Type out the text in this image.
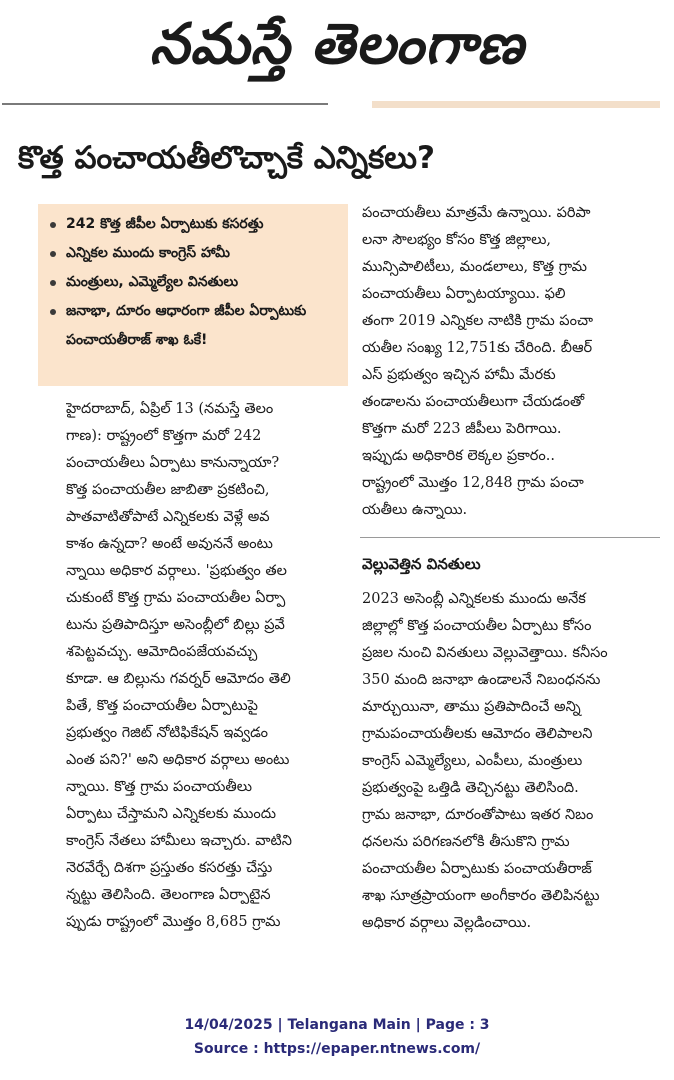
నమస్తే తెలంగాణ
కొత్త పంచాయతీలొచ్చాకే ఎన్నికలు?
242 కొత్త జీపీల ఏర్పాటుకు కసరత్తు
ఎన్నికల ముందు కాంగ్రెస్ హామీ
మంత్రులు, ఎమ్మెల్యేల వినతులు
జనాభా, దూరం ఆధారంగా జీపీల ఏర్పాటుకు పంచాయతీరాజ్ శాఖ ఓకే!
హైదరాబాద్, ఏప్రిల్ 13 (నమస్తే తెలం
గాణ): రాష్ట్రంలో కొత్తగా మరో 242
పంచాయతీలు ఏర్పాటు కానున్నాయా?
కొత్త పంచాయతీల జాబితా ప్రకటించి,
పాతవాటితోపాటే ఎన్నికలకు వెళ్లే అవ
కాశం ఉన్నదా? అంటే అవుననే అంటు
న్నాయి అధికార వర్గాలు. 'ప్రభుత్వం తల
చుకుంటే కొత్త గ్రామ పంచాయతీల ఏర్పా
టును ప్రతిపాదిస్తూ అసెంబ్లీలో బిల్లు ప్రవే
శపెట్టవచ్చు. ఆమోదింపజేయవచ్చు
కూడా. ఆ బిల్లును గవర్నర్ ఆమోదం తెలి
పితే, కొత్త పంచాయతీల ఏర్పాటుపై
ప్రభుత్వం గెజిట్ నోటిఫికేషన్ ఇవ్వడం
ఎంత పని?' అని అధికార వర్గాలు అంటు
న్నాయి. కొత్త గ్రామ పంచాయతీలు
ఏర్పాటు చేస్తామని ఎన్నికలకు ముందు
కాంగ్రెస్ నేతలు హామీలు ఇచ్చారు. వాటిని
నెరవేర్చే దిశగా ప్రస్తుతం కసరత్తు చేస్తు
న్నట్టు తెలిసింది. తెలంగాణ ఏర్పాటైన
ప్పుడు రాష్ట్రంలో మొత్తం 8,685 గ్రామ
పంచాయతీలు మాత్రమే ఉన్నాయి. పరిపా
లనా సౌలభ్యం కోసం కొత్త జిల్లాలు,
మున్సిపాలిటీలు, మండలాలు, కొత్త గ్రామ
పంచాయతీలు ఏర్పాటయ్యాయి. ఫలి
తంగా 2019 ఎన్నికల నాటికి గ్రామ పంచా
యతీల సంఖ్య 12,751కు చేరింది. బీఆర్
ఎస్ ప్రభుత్వం ఇచ్చిన హామీ మేరకు
తండాలను పంచాయతీలుగా చేయడంతో
కొత్తగా మరో 223 జీపీలు పెరిగాయి.
ఇప్పుడు అధికారిక లెక్కల ప్రకారం..
రాష్ట్రంలో మొత్తం 12,848 గ్రామ పంచా
యతీలు ఉన్నాయి.
వెల్లువెత్తిన వినతులు
2023 అసెంబ్లీ ఎన్నికలకు ముందు అనేక
జిల్లాల్లో కొత్త పంచాయతీల ఏర్పాటు కోసం
ప్రజల నుంచి వినతులు వెల్లువెత్తాయి. కనీసం
350 మంది జనాభా ఉండాలనే నిబంధనను
మార్చుయినా, తాము ప్రతిపాదించే అన్ని
గ్రామపంచాయతీలకు ఆమోదం తెలిపాలని
కాంగ్రెస్ ఎమ్మెల్యేలు, ఎంపీలు, మంత్రులు
ప్రభుత్వంపై ఒత్తిడి తెచ్చినట్టు తెలిసింది.
గ్రామ జనాభా, దూరంతోపాటు ఇతర నిబం
ధనలను పరిగణనలోకి తీసుకొని గ్రామ
పంచాయతీల ఏర్పాటుకు పంచాయతీరాజ్
శాఖ సూత్రప్రాయంగా అంగీకారం తెలిపినట్టు
అధికార వర్గాలు వెల్లడించాయి.
14/04/2025 | Telangana Main | Page : 3
Source : https://epaper.ntnews.com/
